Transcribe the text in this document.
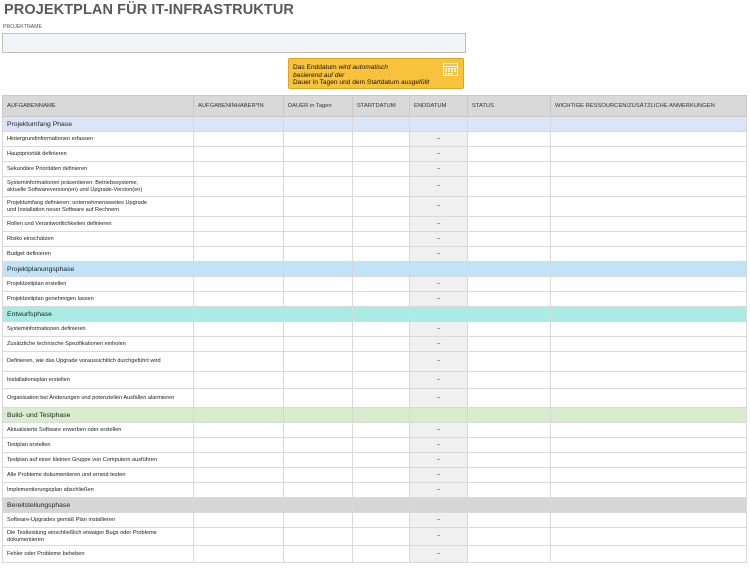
PROJEKTPLAN FÜR IT-INFRASTRUKTUR
PROJEKTNAME
Das Enddatum wird automatisch
basierend auf der
Dauer in Tagen und dem Startdatum ausgefüllt
AUFGABENNAME	AUFGABENINHABER*IN	DAUER in Tagen	STARTDATUM	ENDDATUM	STATUS	WICHTIGE RESSOURCEN/ZUSÄTZLICHE ANMERKUNGEN
Projektumfang Phase						
Hintergrundinformationen erfassen				–		
Hauptpriorität definieren				–		
Sekundäre Prioritäten definieren				–		
Systeminformationen präsentieren: Betriebssysteme,
aktuelle Softwareversion(en) und Upgrade-Version(en)				–		
Projektumfang definieren: unternehmensweites Upgrade
und Installation neuer Software auf Rechnern				–		
Rollen und Verantwortlichkeiten definieren				–		
Risiko einschätzen				–		
Budget definieren				–		
Projektplanungsphase						
Projektzeitplan erstellen				–		
Projektzeitplan genehmigen lassen				–		
Entwurfsphase						
Systeminformationen definieren				–		
Zusätzliche technische Spezifikationen einholen				–		
Definieren, wie das Upgrade voraussichtlich durchgeführt wird				–		
Installationsplan erstellen				–		
Organisation bei Änderungen und potenziellen Ausfällen alarmieren				–		
Build- und Testphase						
Aktualisierte Software erwerben oder erstellen				–		
Testplan erstellen				–		
Testplan auf einer kleinen Gruppe von Computern ausführen				–		
Alle Probleme dokumentieren und erneut testen				–		
Implementierungsplan abschließen				–		
Bereitstellungsphase						
Software-Upgrades gemäß Plan installieren				–		
Die Testleistung einschließlich etwaiger Bugs oder Probleme
dokumentieren				–		
Fehler oder Probleme beheben				–		
